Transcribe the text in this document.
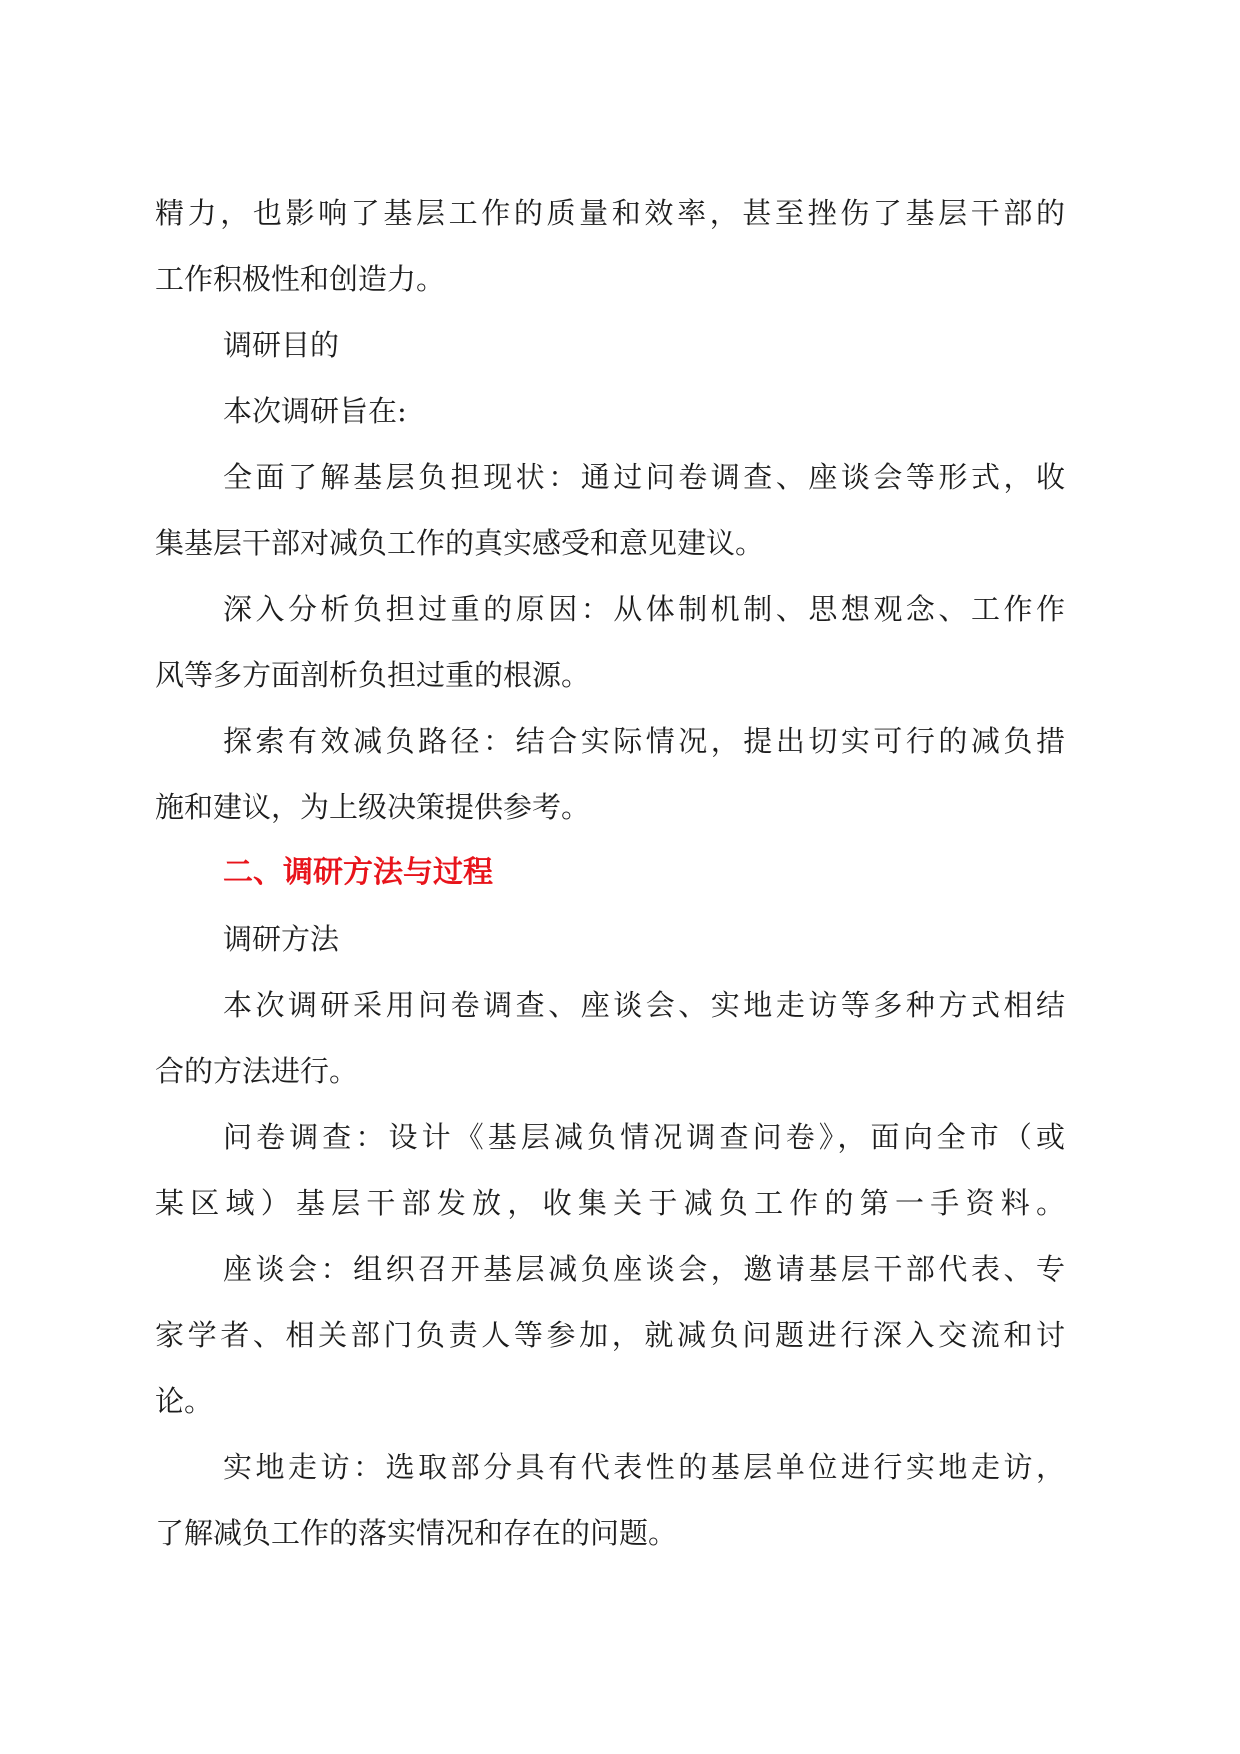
精力，也影响了基层工作的质量和效率，甚至挫伤了基层干部的
工作积极性和创造力。
调研目的
本次调研旨在:
全面了解基层负担现状：通过问卷调查、座谈会等形式，收
集基层干部对减负工作的真实感受和意见建议。
深入分析负担过重的原因：从体制机制、思想观念、工作作
风等多方面剖析负担过重的根源。
探索有效减负路径：结合实际情况，提出切实可行的减负措
施和建议，为上级决策提供参考。
二、调研方法与过程
调研方法
本次调研采用问卷调查、座谈会、实地走访等多种方式相结
合的方法进行。
问卷调查：设计《基层减负情况调查问卷》，面向全市（或
某区域）基层干部发放，收集关于减负工作的第一手资料。
座谈会：组织召开基层减负座谈会，邀请基层干部代表、专
家学者、相关部门负责人等参加，就减负问题进行深入交流和讨
论。
实地走访：选取部分具有代表性的基层单位进行实地走访，
了解减负工作的落实情况和存在的问题。
